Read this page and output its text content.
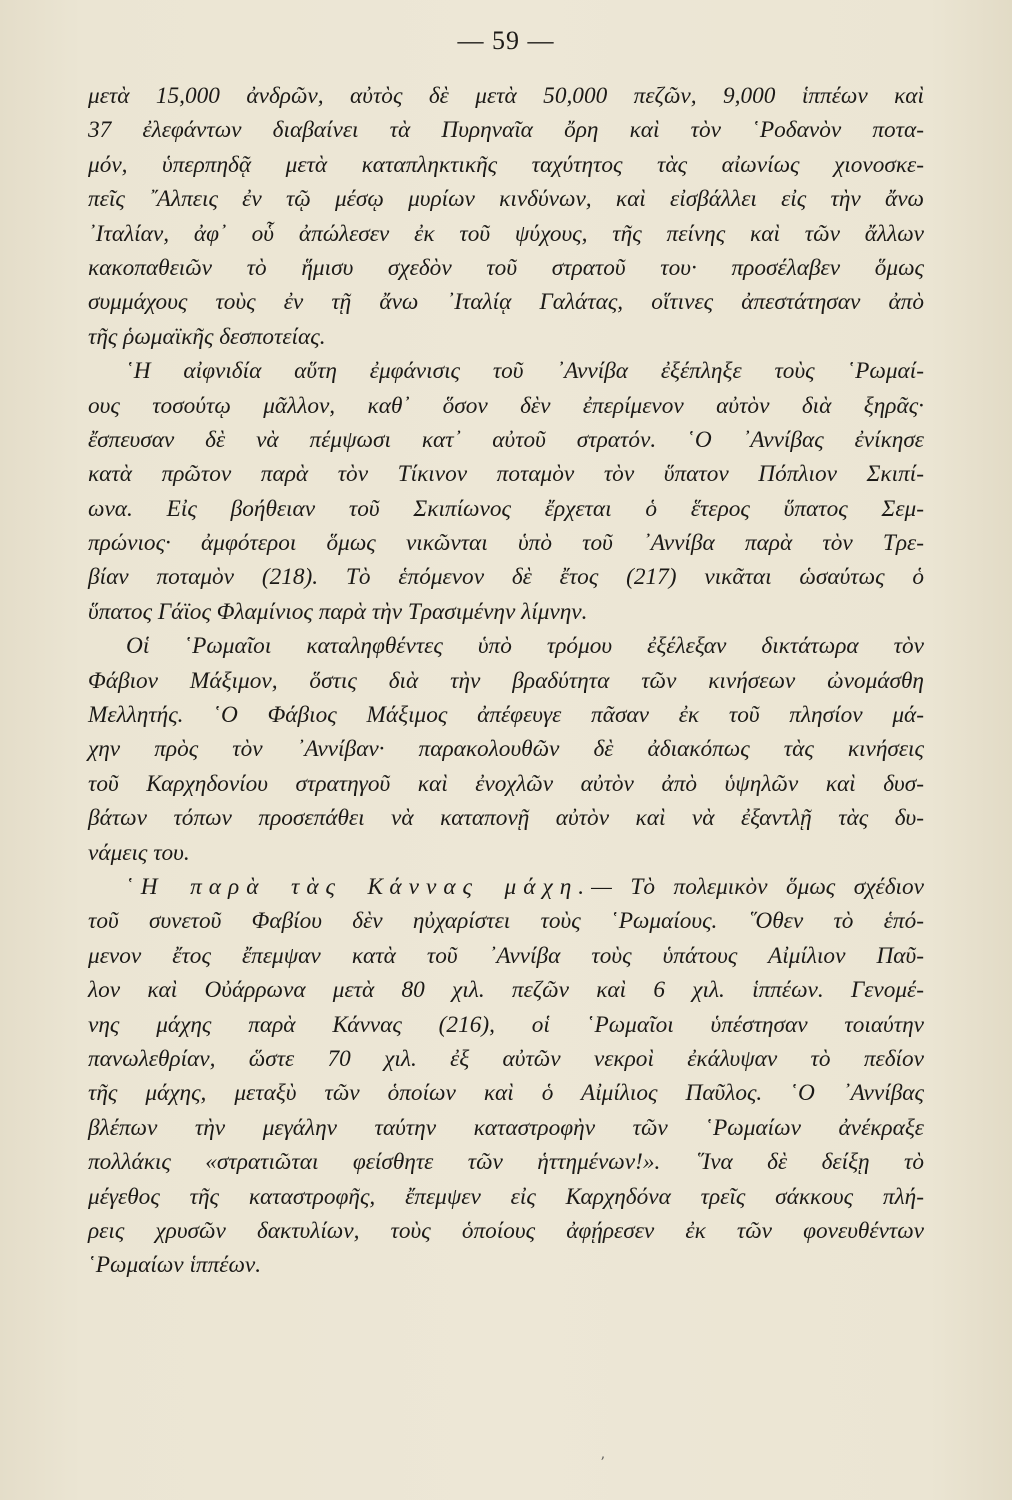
— 59 —
μετὰ 15,000 ἀνδρῶν, αὐτὸς δὲ μετὰ 50,000 πεζῶν, 9,000 ἱππέων καὶ
37 ἐλεφάντων διαβαίνει τὰ Πυρηναῖα ὄρη καὶ τὸν ῾Ροδανὸν ποτα-
μόν, ὑπερπηδᾷ μετὰ καταπληκτικῆς ταχύτητος τὰς αἰωνίως χιονοσκε-
πεῖς ῎Αλπεις ἐν τῷ μέσῳ μυρίων κινδύνων, καὶ εἰσβάλλει εἰς τὴν ἄνω
᾿Ιταλίαν, ἀφ᾿ οὗ ἀπώλεσεν ἐκ τοῦ ψύχους, τῆς πείνης καὶ τῶν ἄλλων
κακοπαθειῶν τὸ ἥμισυ σχεδὸν τοῦ στρατοῦ του· προσέλαβεν ὅμως
συμμάχους τοὺς ἐν τῇ ἄνω ᾿Ιταλίᾳ Γαλάτας, οἵτινες ἀπεστάτησαν ἀπὸ
τῆς ῥωμαϊκῆς δεσποτείας.
῾Η αἰφνιδία αὕτη ἐμφάνισις τοῦ ᾿Αννίβα ἐξέπληξε τοὺς ῾Ρωμαί-
ους τοσούτῳ μᾶλλον, καθ᾿ ὅσον δὲν ἐπερίμενον αὐτὸν διὰ ξηρᾶς·
ἔσπευσαν δὲ νὰ πέμψωσι κατ᾿ αὐτοῦ στρατόν. ῾Ο ᾿Αννίβας ἐνίκησε
κατὰ πρῶτον παρὰ τὸν Τίκινον ποταμὸν τὸν ὕπατον Πόπλιον Σκιπί-
ωνα. Εἰς βοήθειαν τοῦ Σκιπίωνος ἔρχεται ὁ ἕτερος ὕπατος Σεμ-
πρώνιος· ἀμφότεροι ὅμως νικῶνται ὑπὸ τοῦ ᾿Αννίβα παρὰ τὸν Τρε-
βίαν ποταμὸν (218). Τὸ ἑπόμενον δὲ ἔτος (217) νικᾶται ὡσαύτως ὁ
ὕπατος Γάϊος Φλαμίνιος παρὰ τὴν Τρασιμένην λίμνην.
Οἱ ῾Ρωμαῖοι καταληφθέντες ὑπὸ τρόμου ἐξέλεξαν δικτάτωρα τὸν
Φάβιον Μάξιμον, ὅστις διὰ τὴν βραδύτητα τῶν κινήσεων ὠνομάσθη
Μελλητής. ῾Ο Φάβιος Μάξιμος ἀπέφευγε πᾶσαν ἐκ τοῦ πλησίον μά-
χην πρὸς τὸν ᾿Αννίβαν· παρακολουθῶν δὲ ἀδιακόπως τὰς κινήσεις
τοῦ Καρχηδονίου στρατηγοῦ καὶ ἐνοχλῶν αὐτὸν ἀπὸ ὑψηλῶν καὶ δυσ-
βάτων τόπων προσεπάθει νὰ καταπονῇ αὐτὸν καὶ νὰ ἐξαντλῇ τὰς δυ-
νάμεις του.
῾Η παρὰ τὰς Κάννας μάχη.— Τὸ πολεμικὸν ὅμως σχέδιον
τοῦ συνετοῦ Φαβίου δὲν ηὐχαρίστει τοὺς ῾Ρωμαίους. ῞Οθεν τὸ ἑπό-
μενον ἔτος ἔπεμψαν κατὰ τοῦ ᾿Αννίβα τοὺς ὑπάτους Αἰμίλιον Παῦ-
λον καὶ Οὐάρρωνα μετὰ 80 χιλ. πεζῶν καὶ 6 χιλ. ἱππέων. Γενομέ-
νης μάχης παρὰ Κάννας (216), οἱ ῾Ρωμαῖοι ὑπέστησαν τοιαύτην
πανωλεθρίαν, ὥστε 70 χιλ. ἐξ αὐτῶν νεκροὶ ἐκάλυψαν τὸ πεδίον
τῆς μάχης, μεταξὺ τῶν ὁποίων καὶ ὁ Αἰμίλιος Παῦλος. ῾Ο ᾿Αννίβας
βλέπων τὴν μεγάλην ταύτην καταστροφὴν τῶν ῾Ρωμαίων ἀνέκραξε
πολλάκις «στρατιῶται φείσθητε τῶν ἡττημένων!». ῞Ινα δὲ δείξῃ τὸ
μέγεθος τῆς καταστροφῆς, ἔπεμψεν εἰς Καρχηδόνα τρεῖς σάκκους πλή-
ρεις χρυσῶν δακτυλίων, τοὺς ὁποίους ἀφῄρεσεν ἐκ τῶν φονευθέντων
῾Ρωμαίων ἱππέων.
ʼ
